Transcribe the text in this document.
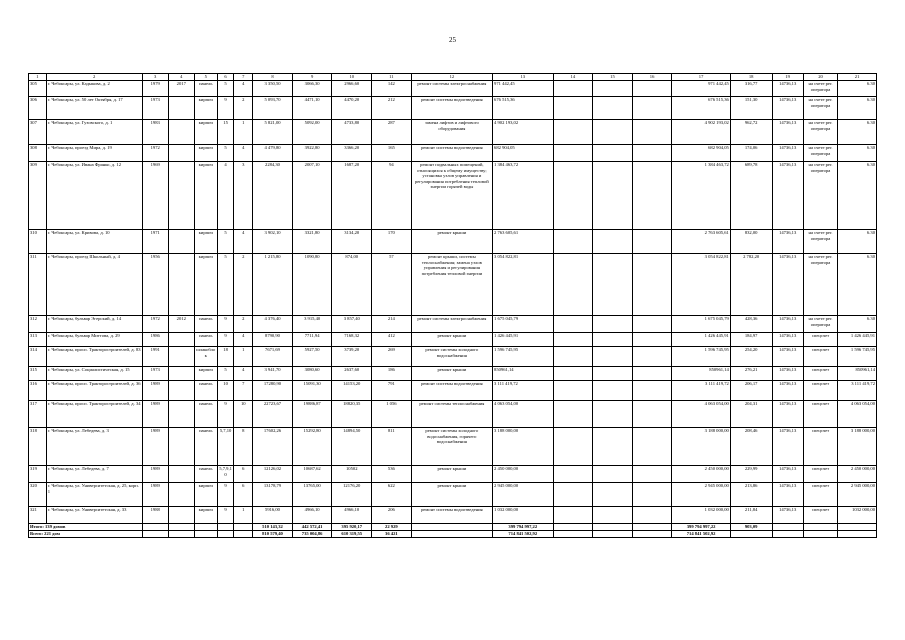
25
1	2	3	4	5	6	7	8	9	10	11	12	13	14	15	16	17	18	19	20	21
305	г. Чебоксары, ул. Кадыкова, д. 2	1979	2017	панель	5	4	3 350,50	3066,30	2966,60	142	ремонт системы электроснабжения	971 442,45				971 442,45	316,77	14736,13	на счете рег. оператора	6.30
306	г. Чебоксары, ул. 50 лет Октября, д. 17	1973		кирпич	9	2	5 093,70	4471,10	4470,20	212	ремонт системы водоотведения	676 515,36				676 515,36	151,30	14736,13	на счете рег. оператора	6.30
307	г. Чебоксары, ул. Гузовского, д. 1	1983		кирпич	15	1	5 821,00	5092,00	4733,80	287	замена лифтов и лифтового оборудования	4 902 193,02				4 902 193,02	962,72	14736,13	на счете рег. оператора	6.30
308	г. Чебоксары, проезд Мира, д. 19	1972		кирпич	5	4	4 479,80	3922,80	3366,20	165	ремонт системы водоотведения	682 904,05				682 904,05	174,06	14736,13	на счете рег. оператора	6.30
309	г. Чебоксары, ул. Ивана Франко, д. 12	1969		кирпич	4	3	2284,30	2007,10	1687,20	94	ремонт подвальных помещений, относящихся к общему имуществу; установка узлов управления и регулирования потребления тепловой энергии горячей воды	1 384 463,72				1 384 463,72	689,78	14736,13	на счете рег. оператора	6.30
310	г. Чебоксары, ул. Кривова, д. 10	1971		кирпич	5	4	3 902,10	3321,80	3134,20	170	ремонт крыши	2 763 605,61				2 763 605,61	832,00	14736,13	на счете рег. оператора	6.30
311	г. Чебоксары, проезд Школьный, д. 4	1956		кирпич	5	2	1 215,80	1090,80	874,00	57	ремонт крыши, системы теплоснабжения; замена узлов управления и регулирования потребления тепловой энергии	3 054 822,81				3 054 822,81	2 782,20	14736,13	на счете рег. оператора	6.30
312	г. Чебоксары, бульвар Эгерский, д. 14	1972	2012	панель	9	2	4 376,40	3 915,40	3 857,40	214	ремонт системы электроснабжения	1 675 045,79				1 675 045,79	428,36	14736,13	на счете рег. оператора	6.30
313	г. Чебоксары, бульвар Миттова, д. 29	1986		панель	9	4	8790,90	7711,94	7168,32	412	ремонт крыши	1 426 445,91				1 426 445,91	184,97	14736,13	спецсчет	1 426 445,91
314	г. Чебоксары, просп. Тракторостроителей, д. 83	1991		шлакоблок	18	1	7671,69	5927,50	3739,20	269	ремонт системы холодного водоснабжения	1 596 745,95				1 596 745,95	254,20	14736,13	спецсчет	1 596 745,95
315	г. Чебоксары, ул. Социалистическая, д. 15	1973		кирпич	5	4	3 941,70	3080,60	2637,60	186	ремонт крыши	850961,14				850961,14	276,21	14736,13	спецсчет	850961,14
316	г. Чебоксары, просп. Тракторостроителей, д. 36	1989		панель	10	7	17280,90	15091,30	14153,20	791	ремонт системы водоотведения	3 111 419,72				3 111 419,72	206,17	14736,13	спецсчет	3 111 419,72
317	г. Чебоксары, просп. Тракторостроителей, д. 34	1989		панель	9	10	22723,67	19886,87	18820,35	1 056	ремонт системы теплоснабжения	4 063 054,00				4 063 054,00	204,31	14736,13	спецсчет	4 063 054,00
318	г. Чебоксары, ул. Лебедева, д. 3	1989		панель	5,7,10	8	17602,26	15292,80	14894,50	811	ремонт системы холодного водоснабжения, горячего водоснабжения	3 188 000,00				3 188 000,00	208,46	14736,13	спецсчет	3 188 000,00
319	г. Чебоксары, ул. Лебедева, д. 7	1989		панель	5,7,9,10	6	12126,02	10687,62	10502	536	ремонт крыши	2 450 000,00				2 450 000,00	229,99	14736,13	спецсчет	2 450 000,00
320	г. Чебоксары, ул. Университетская, д. 25, корп. 1	1989		кирпич	9	6	13178,79	13765,00	12176,20	622	ремонт крыши	2 945 000,00				2 945 000,00	213,86	14736,13	спецсчет	2 945 000,00
321	г. Чебоксары, ул. Университетская, д. 33	1988		кирпич	9	1	5916,00	4966,10	4966,10	206	ремонт системы водоотведения	1 032 000,00				1 032 000,00	211,84	14736,13	спецсчет	1032 000,00
Итого: 139 домов							510 143,32	442 572,41	395 920,17	22 929		399 794 997,22				399 794 997,22	903,09			
Всего: 221 дом							810 579,40	735 004,86	610 319,55	36 421		714 841 502,92				714 841 502,92				
